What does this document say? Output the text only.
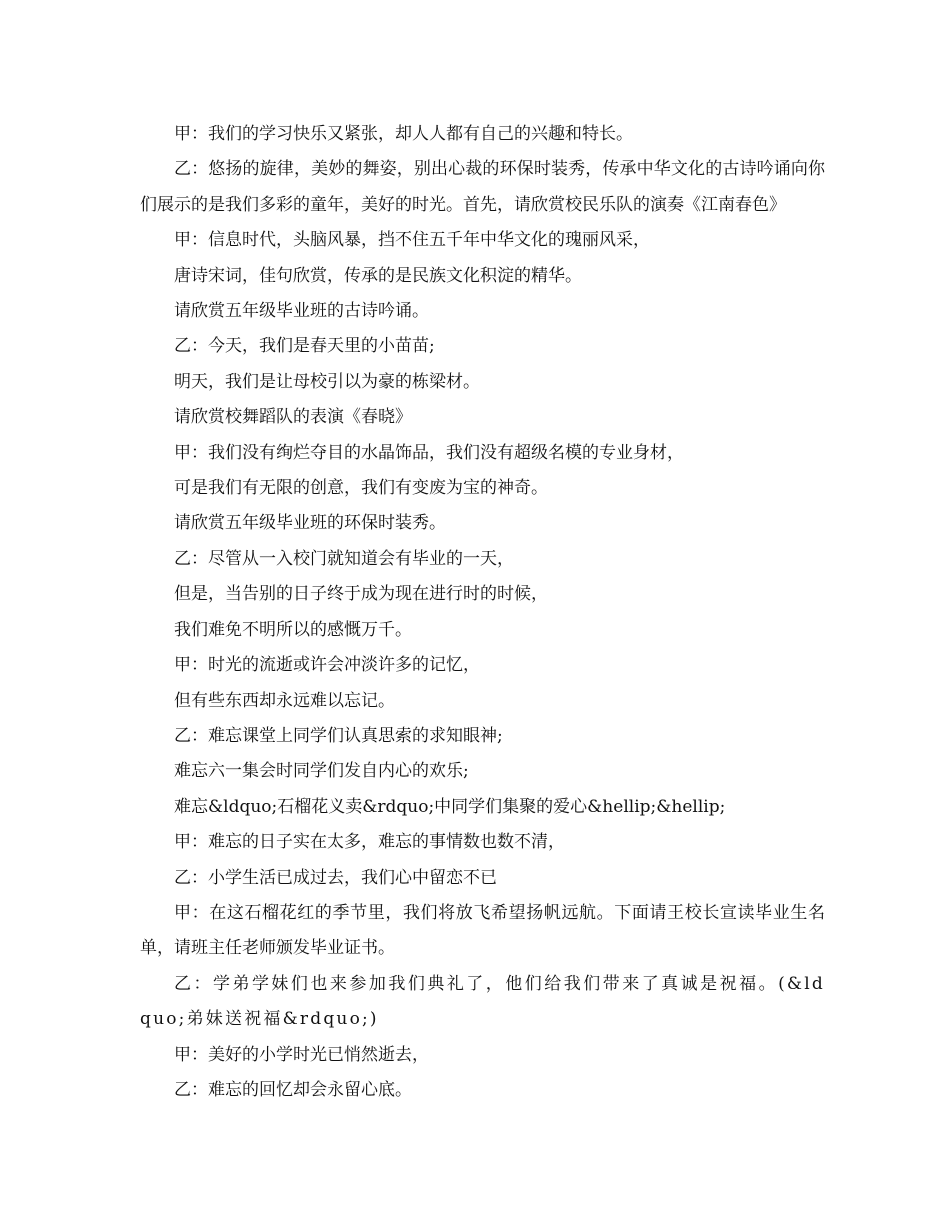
甲：我们的学习快乐又紧张，却人人都有自己的兴趣和特长。

乙：悠扬的旋律，美妙的舞姿，别出心裁的环保时装秀，传承中华文化的古诗吟诵向你们展示的是我们多彩的童年，美好的时光。首先，请欣赏校民乐队的演奏《江南春色》

甲：信息时代，头脑风暴，挡不住五千年中华文化的瑰丽风采，

唐诗宋词，佳句欣赏，传承的是民族文化积淀的精华。

请欣赏五年级毕业班的古诗吟诵。

乙：今天，我们是春天里的小苗苗;

明天，我们是让母校引以为豪的栋梁材。

请欣赏校舞蹈队的表演《春晓》

甲：我们没有绚烂夺目的水晶饰品，我们没有超级名模的专业身材，

可是我们有无限的创意，我们有变废为宝的神奇。

请欣赏五年级毕业班的环保时装秀。

乙：尽管从一入校门就知道会有毕业的一天，

但是，当告别的日子终于成为现在进行时的时候，

我们难免不明所以的感慨万千。

甲：时光的流逝或许会冲淡许多的记忆，

但有些东西却永远难以忘记。

乙：难忘课堂上同学们认真思索的求知眼神;

难忘六一集会时同学们发自内心的欢乐;

难忘&ldquo;石榴花义卖&rdquo;中同学们集聚的爱心&hellip;&hellip;

甲：难忘的日子实在太多，难忘的事情数也数不清，

乙：小学生活已成过去，我们心中留恋不已

甲：在这石榴花红的季节里，我们将放飞希望扬帆远航。下面请王校长宣读毕业生名单，请班主任老师颁发毕业证书。

乙：学弟学妹们也来参加我们典礼了，他们给我们带来了真诚是祝福。(&ldquo;弟妹送祝福&rdquo;)

甲：美好的小学时光已悄然逝去，

乙：难忘的回忆却会永留心底。
